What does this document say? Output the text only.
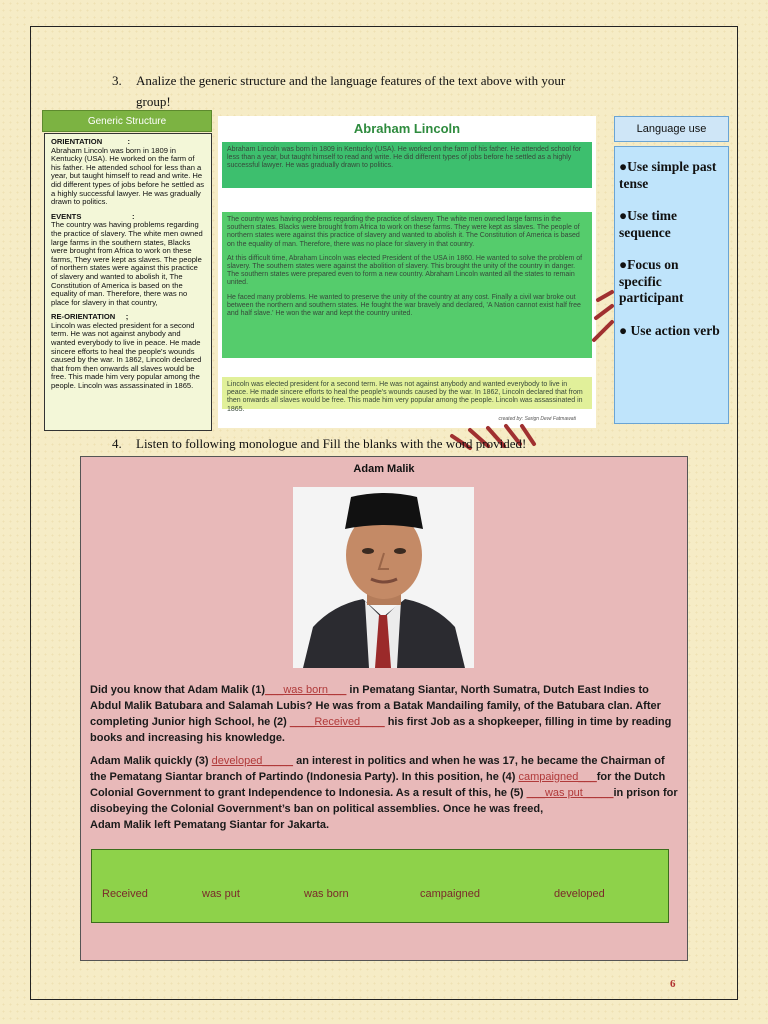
3. Analize the generic structure and the language features of the text above with your
group!
Generic Structure
ORIENTATION            :
Abraham Lincoln was born in 1809 in Kentucky (USA). He worked on the farm of his father. He attended school for less than a year, but taught himself to read and write. He did different types of jobs before he settled as a highly successful lawyer. He was gradually drawn to politics.
EVENTS                        :
The country was having problems regarding the practice of slavery. The white men owned large farms in the southern states, Blacks were brought from Africa to work on these farms, They were kept as slaves. The people of northern states were against this practice of slavery and wanted to abolish it, The Constitution of America is based on the equality of man. Therefore, there was no place for slavery in that country,
RE-ORIENTATION     ;
Lincoln was elected president for a second term. He was not against anybody and wanted everybody to live in peace. He made sincere efforts to heal the people's wounds caused by the war. In 1862, Lincoln declared that from then onwards all slaves would be free. This made him very popular among the people. Lincoln was assassinated in 1865.
Abraham Lincoln
Abraham Lincoln was born in 1809 in Kentucky (USA). He worked on the farm of his father. He attended school for less than a year, but taught himself to read and write. He did different types of jobs before he settled as a highly successful lawyer. He was gradually drawn to politics.
The country was having problems regarding the practice of slavery. The white men owned large farms in the southern states. Blacks were brought from Africa to work on these farms. They were kept as slaves. The people of northern states were against this practice of slavery and wanted to abolish it. The Constitution of America is based on the equality of man. Therefore, there was no place for slavery in that country.
At this difficult time, Abraham Lincoln was elected President of the USA in 1860. He wanted to solve the problem of slavery. The southern states were against the abolition of slavery. This brought the unity of the country in danger. The southern states were prepared even to form a new country. Abraham Lincoln wanted all the states to remain united.
He faced many problems. He wanted to preserve the unity of the country at any cost. Finally a civil war broke out between the northern and southern states. He fought the war bravely and declared, 'A Nation cannot exist half free and half slave.' He won the war and kept the country united.
Lincoln was elected president for a second term. He was not against anybody and wanted everybody to live in peace. He made sincere efforts to heal the people's wounds caused by the war. In 1862, Lincoln declared that from then onwards all slaves would be free. This made him very popular among the people. Lincoln was assassinated in 1865.
created by: Sarign Dewi Fatmawati
Language use
●Use simple past tense
●Use time sequence
●Focus on specific participant
● Use action verb
4. Listen to following monologue and Fill the blanks with the word provided!
Adam Malik
Did you know that Adam Malik (1)___was born___ in Pematang Siantar, North Sumatra, Dutch East Indies to Abdul Malik Batubara and Salamah Lubis? He was from a Batak Mandailing family, of the Batubara clan. After completing Junior high School, he (2) ____Received____ his first Job as a shopkeeper, filling in time by reading books and increasing his knowledge.
Adam Malik quickly (3) developed_____ an interest in politics and when he was 17, he became the Chairman of the Pematang Siantar branch of Partindo (Indonesia Party). In this position, he (4) campaigned___for the Dutch Colonial Government to grant Independence to Indonesia. As a result of this, he (5) ___was put_____in prison for disobeying the Colonial Government’s ban on political assemblies. Once he was freed,
Adam Malik left Pematang Siantar for Jakarta.
Received	was put	was born	campaigned	developed
6
